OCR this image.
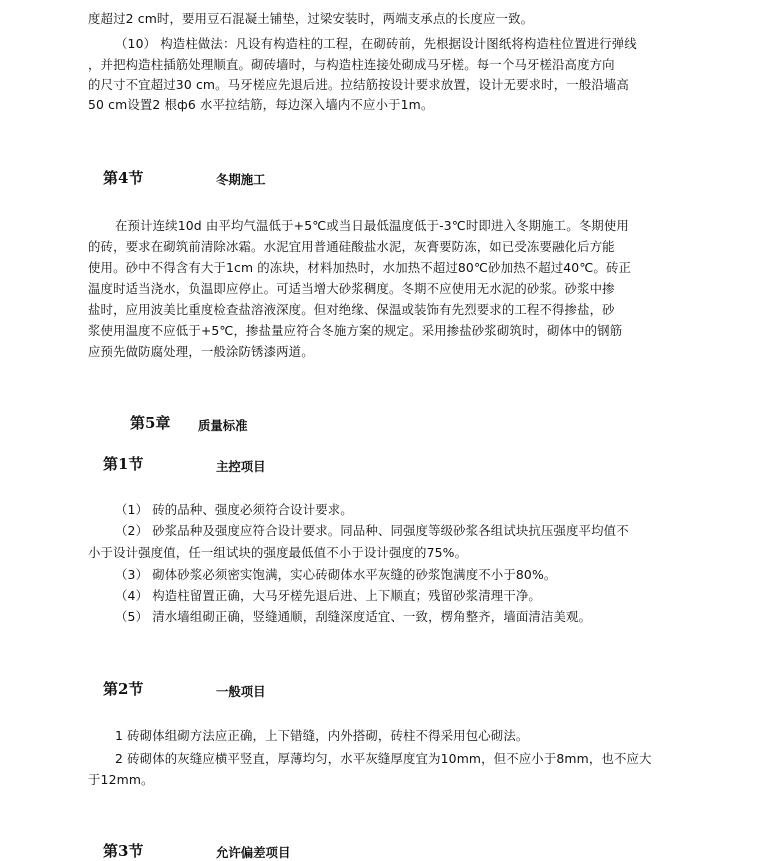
度超过2 cm时，要用豆石混凝土铺垫，过梁安装时，两端支承点的长度应一致。
（10） 构造柱做法：凡设有构造柱的工程，在砌砖前，先根据设计图纸将构造柱位置进行弹线
，并把构造柱插筋处理顺直。砌砖墙时，与构造柱连接处砌成马牙槎。每一个马牙槎沿高度方向
的尺寸不宜超过30 cm。马牙槎应先退后进。拉结筋按设计要求放置，设计无要求时，一般沿墙高
50 cm设置2 根ф6 水平拉结筋，每边深入墙内不应小于1m。
第4节	冬期施工
在预计连续10d 由平均气温低于+5℃或当日最低温度低于-3℃时即进入冬期施工。冬期使用
的砖，要求在砌筑前清除冰霜。水泥宜用普通硅酸盐水泥，灰膏要防冻，如已受冻要融化后方能
使用。砂中不得含有大于1cm 的冻块，材料加热时，水加热不超过80℃砂加热不超过40℃。砖正
温度时适当浇水，负温即应停止。可适当增大砂浆稠度。冬期不应使用无水泥的砂浆。砂浆中掺
盐时，应用波美比重度检查盐溶液深度。但对绝缘、保温或装饰有先烈要求的工程不得掺盐，砂
浆使用温度不应低于+5℃，掺盐量应符合冬施方案的规定。采用掺盐砂浆砌筑时，砌体中的钢筋
应预先做防腐处理，一般涂防锈漆两道。
第5章 质量标准
第1节	主控项目
（1） 砖的品种、强度必须符合设计要求。
（2） 砂浆品种及强度应符合设计要求。同品种、同强度等级砂浆各组试块抗压强度平均值不
小于设计强度值，任一组试块的强度最低值不小于设计强度的75%。
（3） 砌体砂浆必须密实饱满，实心砖砌体水平灰缝的砂浆饱满度不小于80%。
（4） 构造柱留置正确，大马牙槎先退后进、上下顺直；残留砂浆清理干净。
（5） 清水墙组砌正确，竖缝通顺，刮缝深度适宜、一致，楞角整齐，墙面清洁美观。
第2节	一般项目
1 砖砌体组砌方法应正确，上下错缝，内外搭砌，砖柱不得采用包心砌法。
2 砖砌体的灰缝应横平竖直，厚薄均匀，水平灰缝厚度宜为10mm，但不应小于8mm，也不应大
于12mm。
第3节	允许偏差项目
